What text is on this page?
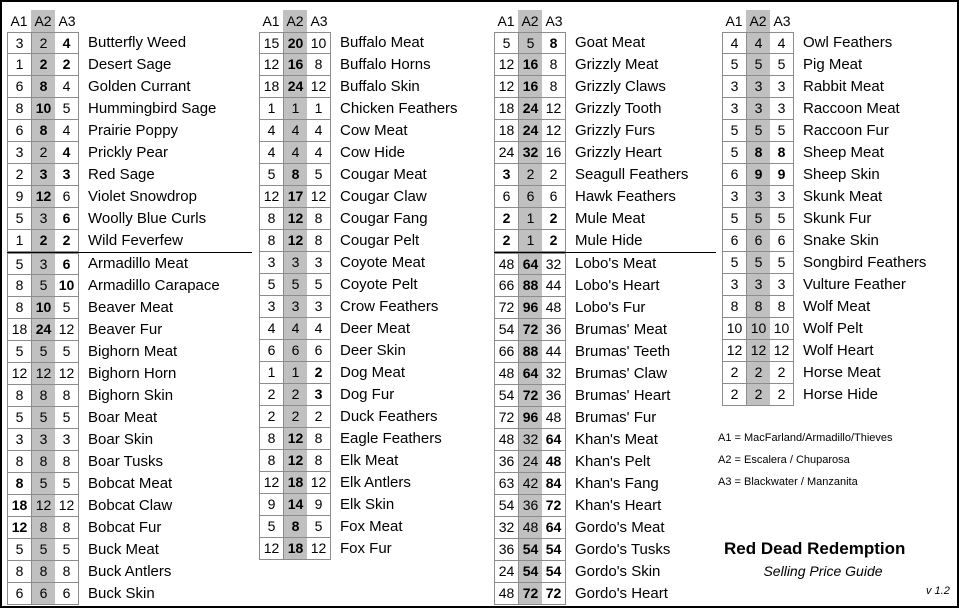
A1 A2 A3
3	2	4	Butterfly Weed
1	2	2	Desert Sage
6	8	4	Golden Currant
8 10 5	Hummingbird Sage
6	8	4	Prairie Poppy
3	2	4	Prickly Pear
2	3	3	Red Sage
9 12 6	Violet Snowdrop
5	3	6	Woolly Blue Curls
1	2	2	Wild Feverfew
5	3	6	Armadillo Meat
8	5 10 Armadillo Carapace
8 10 5	Beaver Meat
18 24 12 Beaver Fur
5	5	5	Bighorn Meat
12 12 12 Bighorn Horn
8	8	8	Bighorn Skin
5	5	5	Boar Meat
3	3	3	Boar Skin
8	8	8	Boar Tusks
8	5	5	Bobcat Meat
18 12 12 Bobcat Claw
12 8	8	Bobcat Fur
5	5	5	Buck Meat
8	8	8	Buck Antlers
6	6	6	Buck Skin
A1 A2 A3
15 20 10 Buffalo Meat
12 16 8	Buffalo Horns
18 24 12 Buffalo Skin
1	1	1	Chicken Feathers
4	4	4	Cow Meat
4	4	4	Cow Hide
5	8	5	Cougar Meat
12 17 12 Cougar Claw
8 12 8	Cougar Fang
8 12 8	Cougar Pelt
3	3	3	Coyote Meat
5	5	5	Coyote Pelt
3	3	3	Crow Feathers
4	4	4	Deer Meat
6	6	6	Deer Skin
1	1	2	Dog Meat
2	2	3	Dog Fur
2	2	2	Duck Feathers
8 12 8	Eagle Feathers
8 12 8	Elk Meat
12 18 12 Elk Antlers
9 14 9	Elk Skin
5	8	5	Fox Meat
12 18 12 Fox Fur
A1 A2 A3
5	5	8	Goat Meat
12 16 8	Grizzly Meat
12 16 8	Grizzly Claws
18 24 12 Grizzly Tooth
18 24 12 Grizzly Furs
24 32 16 Grizzly Heart
3	2	2	Seagull Feathers
6	6	6	Hawk Feathers
2	1	2	Mule Meat
2	1	2	Mule Hide
48 64 32 Lobo's Meat
66 88 44 Lobo's Heart
72 96 48 Lobo's Fur
54 72 36 Brumas' Meat
66 88 44 Brumas' Teeth
48 64 32 Brumas' Claw
54 72 36 Brumas' Heart
72 96 48 Brumas' Fur
48 32 64 Khan's Meat
36 24 48 Khan's Pelt
63 42 84 Khan's Fang
54 36 72 Khan's Heart
32 48 64 Gordo's Meat
36 54 54 Gordo's Tusks
24 54 54 Gordo's Skin
48 72 72 Gordo's Heart
A1 A2 A3
4	4	4	Owl Feathers
5	5	5	Pig Meat
3	3	3	Rabbit Meat
3	3	3	Raccoon Meat
5	5	5	Raccoon Fur
5	8	8	Sheep Meat
6	9	9	Sheep Skin
3	3	3	Skunk Meat
5	5	5	Skunk Fur
6	6	6	Snake Skin
5	5	5	Songbird Feathers
3	3	3	Vulture Feather
8	8	8	Wolf Meat
10 10 10 Wolf Pelt
12 12 12 Wolf Heart
2	2	2	Horse Meat
2	2	2	Horse Hide
A1 = MacFarland/Armadillo/Thieves
A2 = Escalera / Chuparosa
A3 = Blackwater / Manzanita
Red Dead Redemption
Selling Price Guide
v 1.2
